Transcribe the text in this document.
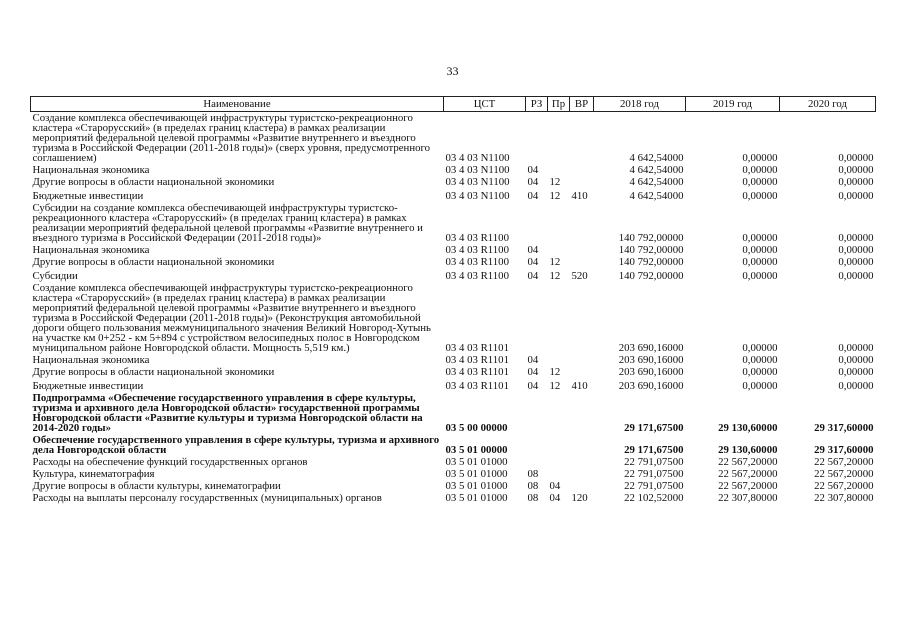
33
Наименование	ЦСТ	РЗ	Пр	ВР	2018 год	2019 год	2020 год
Создание комплекса обеспечивающей инфраструктуры туристско-рекреационного кластера «Старорусский» (в пределах границ кластера) в рамках реализации мероприятий федеральной целевой программы «Развитие внутреннего и въездного туризма в Российской Федерации (2011-2018 годы)» (сверх уровня, предусмотренного соглашением)	03 4 03 N1100				4 642,54000	0,00000	0,00000
Национальная экономика	03 4 03 N1100	04			4 642,54000	0,00000	0,00000
Другие вопросы в области национальной экономики	03 4 03 N1100	04	12		4 642,54000	0,00000	0,00000
Бюджетные инвестиции	03 4 03 N1100	04	12	410	4 642,54000	0,00000	0,00000
Субсидии на создание комплекса обеспечивающей инфраструктуры туристско-рекреационного кластера «Старорусский» (в пределах границ кластера) в рамках реализации мероприятий федеральной целевой программы «Развитие внутреннего и въездного туризма в Российской Федерации (2011-2018 годы)»	03 4 03 R1100				140 792,00000	0,00000	0,00000
Национальная экономика	03 4 03 R1100	04			140 792,00000	0,00000	0,00000
Другие вопросы в области национальной экономики	03 4 03 R1100	04	12		140 792,00000	0,00000	0,00000
Субсидии	03 4 03 R1100	04	12	520	140 792,00000	0,00000	0,00000
Создание комплекса обеспечивающей инфраструктуры туристско-рекреационного кластера «Старорусский» (в пределах границ кластера) в рамках реализации мероприятий федеральной целевой программы «Развитие внутреннего и въездного туризма в Российской Федерации (2011-2018 годы)» (Реконструкция автомобильной дороги общего пользования межмуниципального значения Великий Новгород-Хутынь на участке км 0+252 - км 5+894 с устройством велосипедных полос в Новгородском муниципальном районе Новгородской области. Мощность 5,519 км.)	03 4 03 R1101				203 690,16000	0,00000	0,00000
Национальная экономика	03 4 03 R1101	04			203 690,16000	0,00000	0,00000
Другие вопросы в области национальной экономики	03 4 03 R1101	04	12		203 690,16000	0,00000	0,00000
Бюджетные инвестиции	03 4 03 R1101	04	12	410	203 690,16000	0,00000	0,00000
Подпрограмма «Обеспечение государственного управления в сфере культуры, туризма и архивного дела Новгородской области» государственной программы Новгородской области «Развитие культуры и туризма Новгородской области на 2014-2020 годы»	03 5 00 00000				29 171,67500	29 130,60000	29 317,60000
Обеспечение государственного управления в сфере культуры, туризма и архивного дела Новгородской области	03 5 01 00000				29 171,67500	29 130,60000	29 317,60000
Расходы на обеспечение функций государственных органов	03 5 01 01000				22 791,07500	22 567,20000	22 567,20000
Культура, кинематография	03 5 01 01000	08			22 791,07500	22 567,20000	22 567,20000
Другие вопросы в области культуры, кинематографии	03 5 01 01000	08	04		22 791,07500	22 567,20000	22 567,20000
Расходы на выплаты персоналу государственных (муниципальных) органов	03 5 01 01000	08	04	120	22 102,52000	22 307,80000	22 307,80000
